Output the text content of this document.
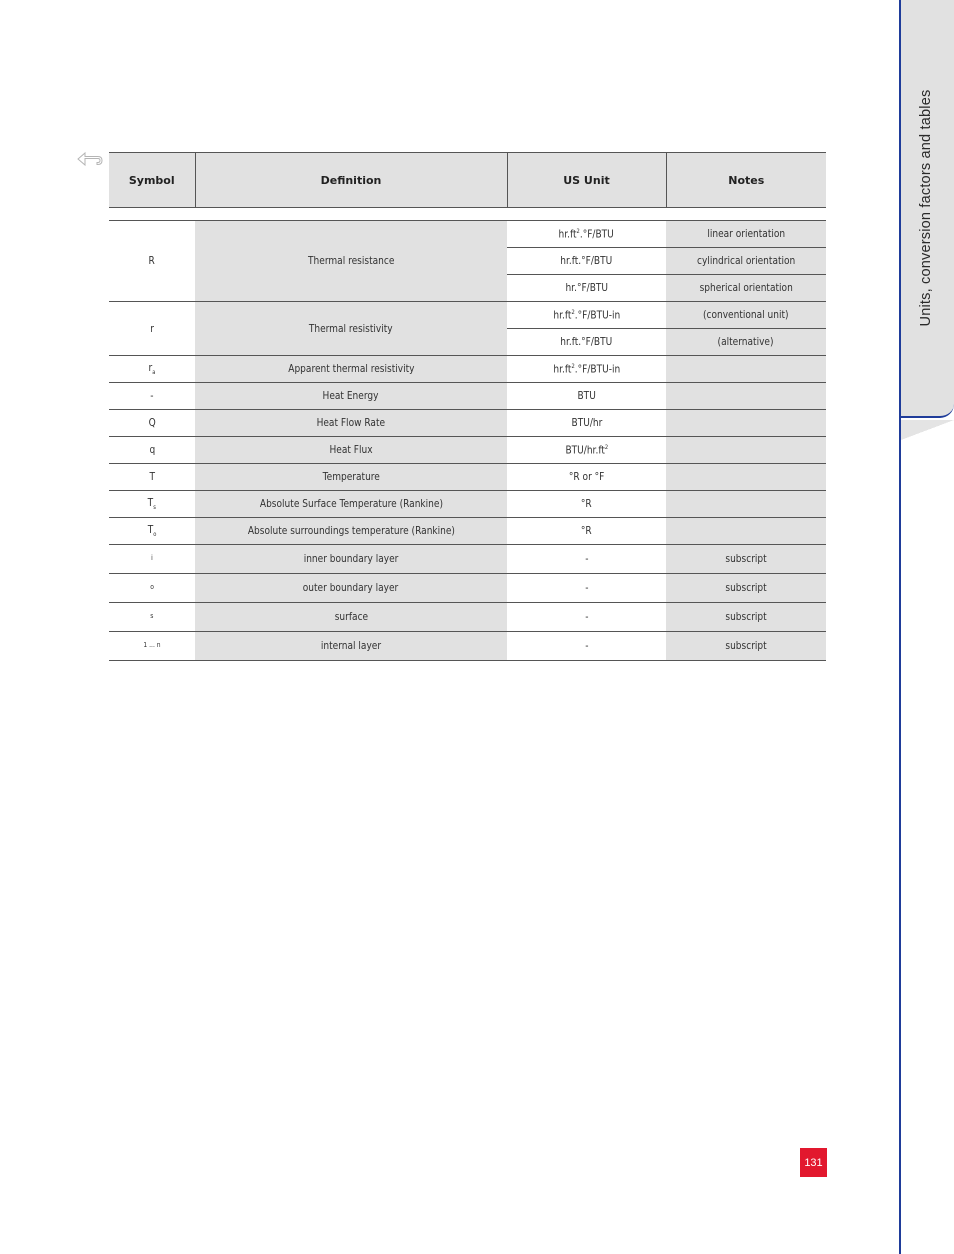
Units, conversion factors and tables
Symbol	Definition	US Unit	Notes

R	Thermal resistance	$hr.ft^2.^\circ F$/BTU	linear orientation
		hr.ft.°F/BTU	cylindrical orientation
		hr.°F/BTU	spherical orientation
r	Thermal resistivity	$hr.ft^2.^\circ F/BTU-in$	(conventional unit)
		hr.ft.°F/BTU	(alternative)
$r_a$	Apparent thermal resistivity	$hr.ft^2.^\circ F/BTU-in$	
-	Heat Energy	BTU	
Q	Heat Flow Rate	BTU/hr	
q	Heat Flux	BTU/$hr.ft^2$	
T	Temperature	°R or °F	
$T_s$	Absolute Surface Temperature (Rankine)	°R	
$T_o$	Absolute surroundings temperature (Rankine)	°R	
i	inner boundary layer	-	subscript
o	outer boundary layer	-	subscript
s	surface	-	subscript
1 ... n	internal layer	-	subscript
131
